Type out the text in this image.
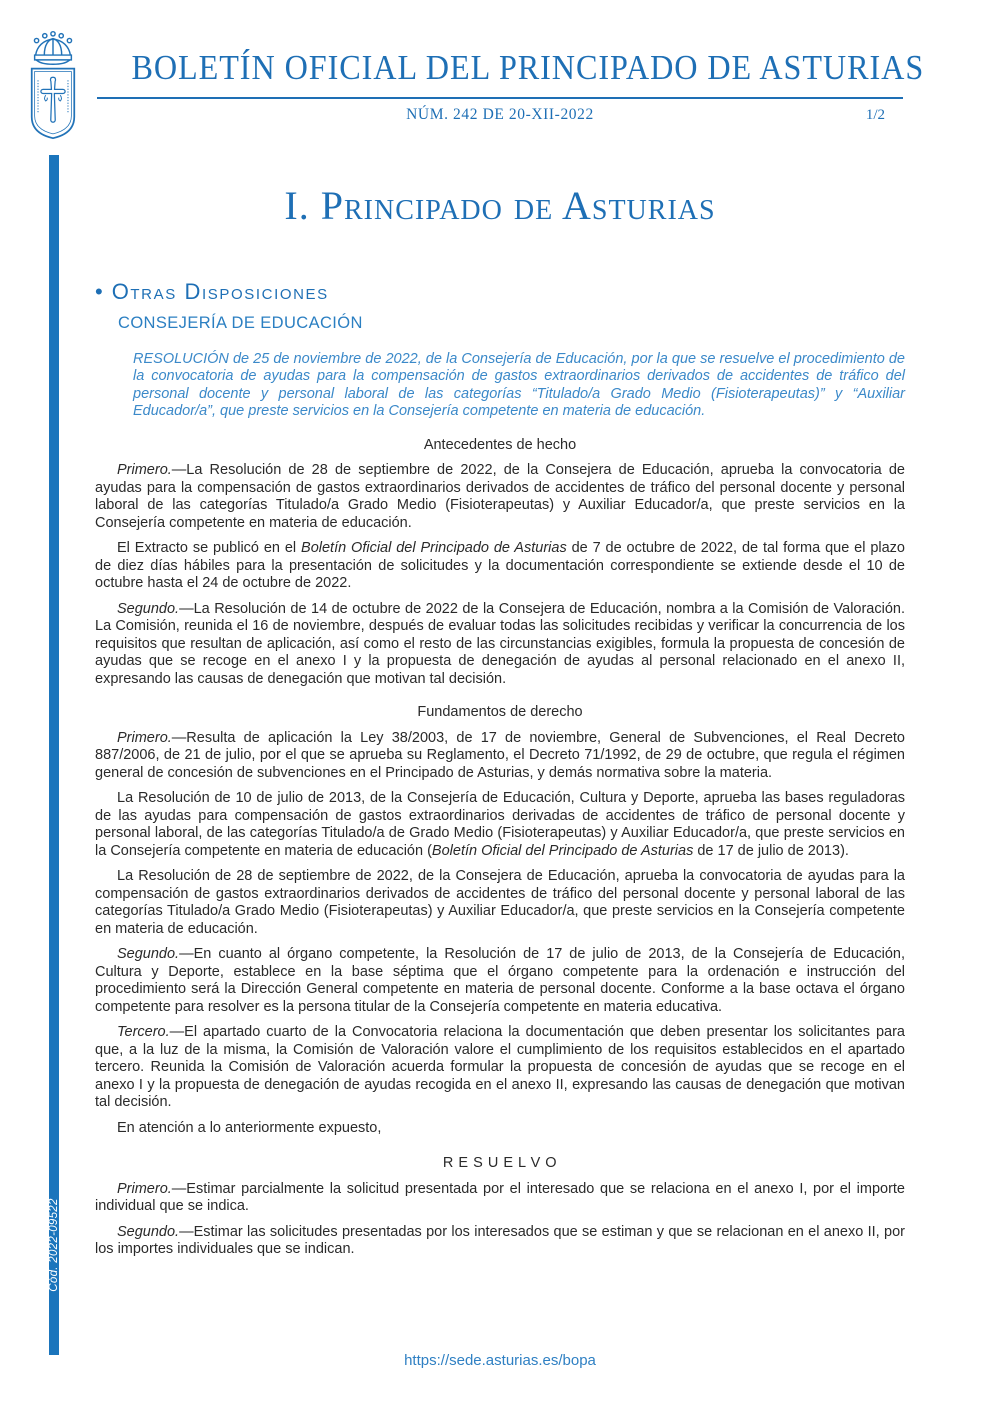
Cód. 2022-09522
BOLETÍN OFICIAL DEL PRINCIPADO DE ASTURIAS
NÚM. 242 DE 20-XII-2022	1/2
I. Principado de Asturias
• Otras Disposiciones
CONSEJERÍA DE EDUCACIÓN

RESOLUCIÓN de 25 de noviembre de 2022, de la Consejería de Educación, por la que se resuelve el procedimiento de la convocatoria de ayudas para la compensación de gastos extraordinarios derivados de accidentes de tráfico del personal docente y personal laboral de las categorías “Titulado/a Grado Medio (Fisioterapeutas)” y “Auxiliar Educador/a”, que preste servicios en la Consejería competente en materia de educación.

Antecedentes de hecho

Primero.—La Resolución de 28 de septiembre de 2022, de la Consejera de Educación, aprueba la convocatoria de ayudas para la compensación de gastos extraordinarios derivados de accidentes de tráfico del personal docente y personal laboral de las categorías Titulado/a Grado Medio (Fisioterapeutas) y Auxiliar Educador/a, que preste servicios en la Consejería competente en materia de educación.

El Extracto se publicó en el Boletín Oficial del Principado de Asturias de 7 de octubre de 2022, de tal forma que el plazo de diez días hábiles para la presentación de solicitudes y la documentación correspondiente se extiende desde el 10 de octubre hasta el 24 de octubre de 2022.

Segundo.—La Resolución de 14 de octubre de 2022 de la Consejera de Educación, nombra a la Comisión de Valoración. La Comisión, reunida el 16 de noviembre, después de evaluar todas las solicitudes recibidas y verificar la concurrencia de los requisitos que resultan de aplicación, así como el resto de las circunstancias exigibles, formula la propuesta de concesión de ayudas que se recoge en el anexo I y la propuesta de denegación de ayudas al personal relacionado en el anexo II, expresando las causas de denegación que motivan tal decisión.

Fundamentos de derecho

Primero.—Resulta de aplicación la Ley 38/2003, de 17 de noviembre, General de Subvenciones, el Real Decreto 887/2006, de 21 de julio, por el que se aprueba su Reglamento, el Decreto 71/1992, de 29 de octubre, que regula el régimen general de concesión de subvenciones en el Principado de Asturias, y demás normativa sobre la materia.

La Resolución de 10 de julio de 2013, de la Consejería de Educación, Cultura y Deporte, aprueba las bases reguladoras de las ayudas para compensación de gastos extraordinarios derivadas de accidentes de tráfico de personal docente y personal laboral, de las categorías Titulado/a de Grado Medio (Fisioterapeutas) y Auxiliar Educador/a, que preste servicios en la Consejería competente en materia de educación (Boletín Oficial del Principado de Asturias de 17 de julio de 2013).

La Resolución de 28 de septiembre de 2022, de la Consejera de Educación, aprueba la convocatoria de ayudas para la compensación de gastos extraordinarios derivados de accidentes de tráfico del personal docente y personal laboral de las categorías Titulado/a Grado Medio (Fisioterapeutas) y Auxiliar Educador/a, que preste servicios en la Consejería competente en materia de educación.

Segundo.—En cuanto al órgano competente, la Resolución de 17 de julio de 2013, de la Consejería de Educación, Cultura y Deporte, establece en la base séptima que el órgano competente para la ordenación e instrucción del procedimiento será la Dirección General competente en materia de personal docente. Conforme a la base octava el órgano competente para resolver es la persona titular de la Consejería competente en materia educativa.

Tercero.—El apartado cuarto de la Convocatoria relaciona la documentación que deben presentar los solicitantes para que, a la luz de la misma, la Comisión de Valoración valore el cumplimiento de los requisitos establecidos en el apartado tercero. Reunida la Comisión de Valoración acuerda formular la propuesta de concesión de ayudas que se recoge en el anexo I y la propuesta de denegación de ayudas recogida en el anexo II, expresando las causas de denegación que motivan tal decisión.

En atención a lo anteriormente expuesto,

R E S U E L V O

Primero.—Estimar parcialmente la solicitud presentada por el interesado que se relaciona en el anexo I, por el importe individual que se indica.

Segundo.—Estimar las solicitudes presentadas por los interesados que se estiman y que se relacionan en el anexo II, por los importes individuales que se indican.

https://sede.asturias.es/bopa
